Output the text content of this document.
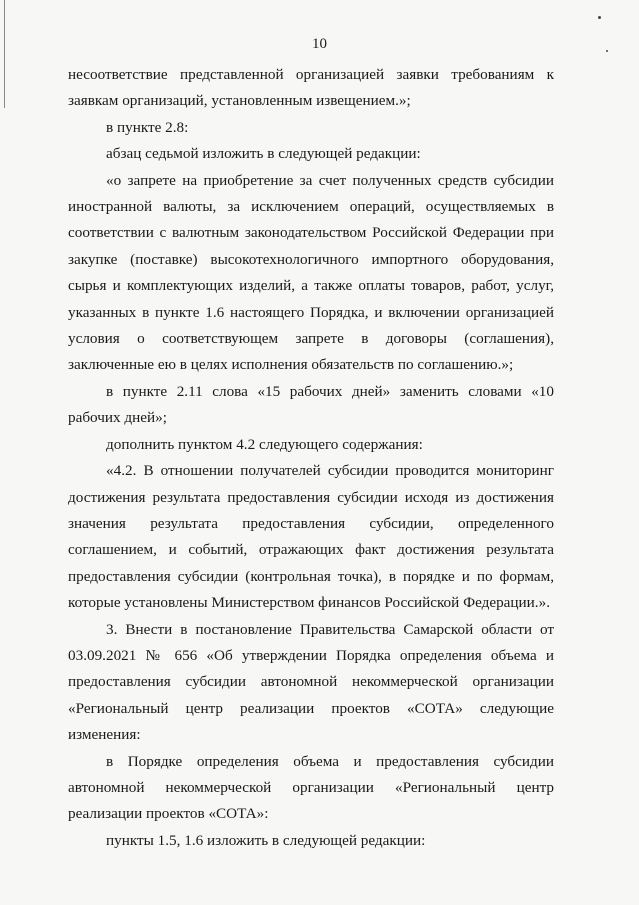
10

несоответствие представленной организацией заявки требованиям к заявкам организаций, установленным извещением.»;

в пункте 2.8:

абзац седьмой изложить в следующей редакции:

«о запрете на приобретение за счет полученных средств субсидии иностранной валюты, за исключением операций, осуществляемых в соответствии с валютным законодательством Российской Федерации при закупке (поставке) высокотехнологичного импортного оборудования, сырья и комплектующих изделий, а также оплаты товаров, работ, услуг, указанных в пункте 1.6 настоящего Порядка, и включении организацией условия о соответствующем запрете в договоры (соглашения), заключенные ею в целях исполнения обязательств по соглашению.»;

в пункте 2.11 слова «15 рабочих дней» заменить словами «10 рабочих дней»;

дополнить пунктом 4.2 следующего содержания:

«4.2. В отношении получателей субсидии проводится мониторинг достижения результата предоставления субсидии исходя из достижения значения результата предоставления субсидии, определенного соглашением, и событий, отражающих факт достижения результата предоставления субсидии (контрольная точка), в порядке и по формам, которые установлены Министерством финансов Российской Федерации.».

3. Внести в постановление Правительства Самарской области от 03.09.2021 № 656 «Об утверждении Порядка определения объема и предоставления субсидии автономной некоммерческой организации «Региональный центр реализации проектов «СОТА» следующие изменения:

в Порядке определения объема и предоставления субсидии автономной некоммерческой организации «Региональный центр реализации проектов «СОТА»:

пункты 1.5, 1.6 изложить в следующей редакции:
